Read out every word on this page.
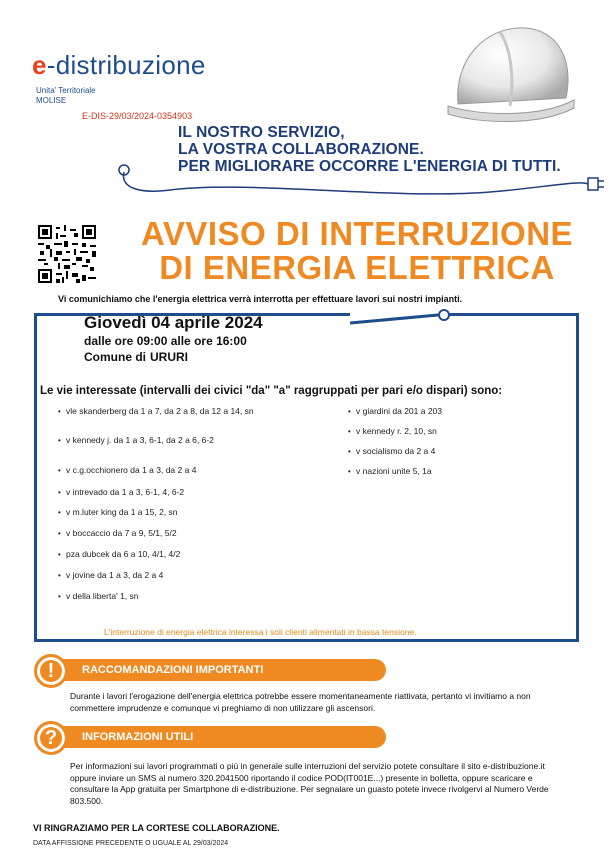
e-distribuzione
Unita' Territoriale
MOLISE
E-DIS-29/03/2024-0354903
IL NOSTRO SERVIZIO,
LA VOSTRA COLLABORAZIONE.
PER MIGLIORARE OCCORRE L'ENERGIA DI TUTTI.
AVVISO DI INTERRUZIONE
DI ENERGIA ELETTRICA
Vi comunichiamo che l'energia elettrica verrà interrotta per effettuare lavori sui nostri impianti.
Giovedì 04 aprile 2024
dalle ore 09:00 alle ore 16:00
Comune di URURI
Le vie interessate (intervalli dei civici "da" "a" raggruppati per pari e/o dispari) sono:
• vle skanderberg da 1 a 7, da 2 a 8, da 12 a 14, sn
• v kennedy j. da 1 a 3, 6-1, da 2 a 6, 6-2
• v c.g.occhionero da 1 a 3, da 2 a 4
• v intrevado da 1 a 3, 6-1, 4, 6-2
• v m.luter king da 1 a 15, 2, sn
• v boccaccio da 7 a 9, 5/1, 5/2
• pza dubcek da 6 a 10, 4/1, 4/2
• v jovine da 1 a 3, da 2 a 4
• v della liberta' 1, sn
• v giardini da 201 a 203
• v kennedy r. 2, 10, sn
• v socialismo da 2 a 4
• v nazioni unite 5, 1a
L'interruzione di energia elettrica interessa i soli clienti alimentati in bassa tensione.
RACCOMANDAZIONI IMPORTANTI
!
Durante i lavori l'erogazione dell'energia elettrica potrebbe essere momentaneamente riattivata, pertanto vi invitiamo a non commettere imprudenze e comunque vi preghiamo di non utilizzare gli ascensori.
INFORMAZIONI UTILI
?
Per informazioni sui lavori programmati o più in generale sulle interruzioni del servizio potete consultare il sito e-distribuzione.it oppure inviare un SMS al numero 320.2041500 riportando il codice POD(IT001E...) presente in bolletta, oppure scaricare e consultare la App gratuita per Smartphone di e-distribuzione. Per segnalare un guasto potete invece rivolgervi al Numero Verde 803.500.
VI RINGRAZIAMO PER LA CORTESE COLLABORAZIONE.
DATA AFFISSIONE PRECEDENTE O UGUALE AL 29/03/2024
